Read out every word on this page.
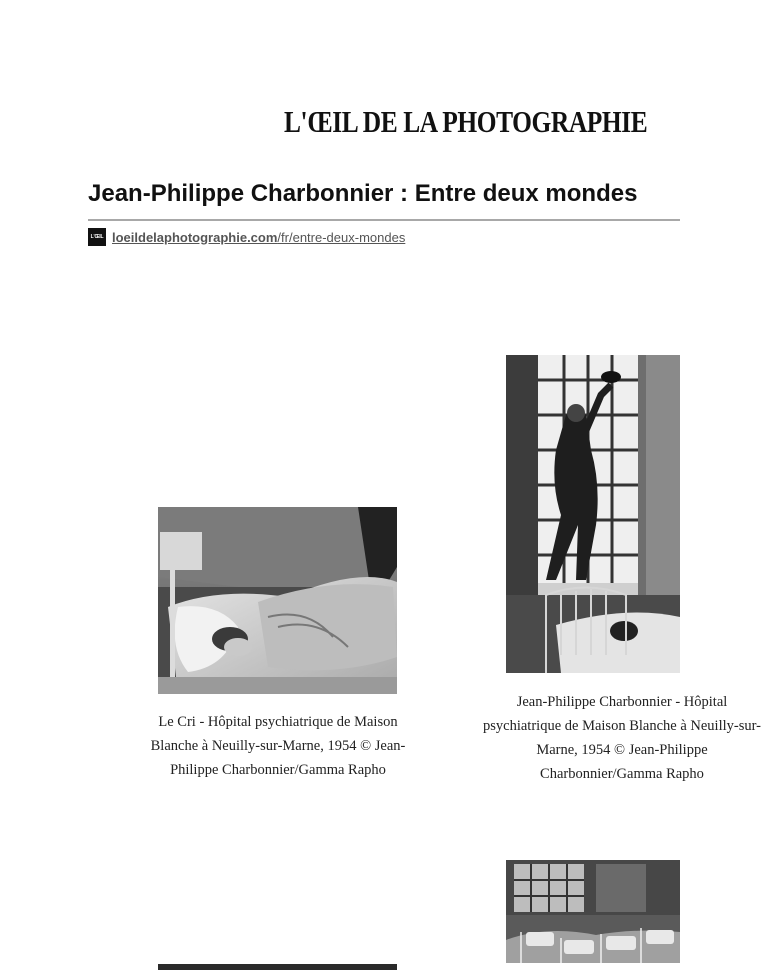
L'ŒIL DE LA PHOTOGRAPHIE
Jean-Philippe Charbonnier : Entre deux mondes
L'ŒIL loeildelaphotographie.com/fr/entre-deux-mondes
Le Cri - Hôpital psychiatrique de Maison
Blanche à Neuilly-sur-Marne, 1954 © Jean-
Philippe Charbonnier/Gamma Rapho
Jean-Philippe Charbonnier - Hôpital
psychiatrique de Maison Blanche à Neuilly-sur-
Marne, 1954 © Jean-Philippe
Charbonnier/Gamma Rapho
